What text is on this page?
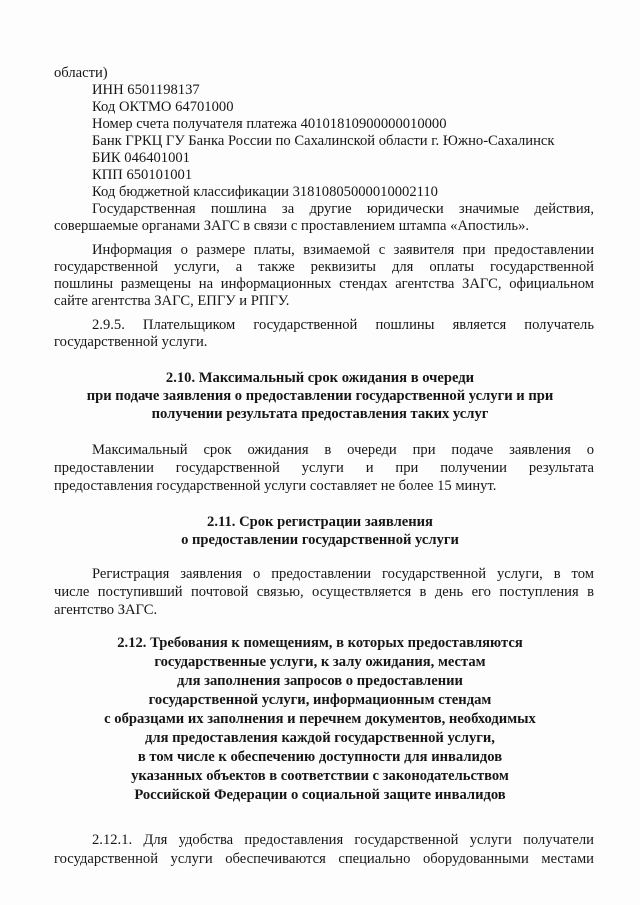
области)
ИНН 6501198137
Код ОКТМО 64701000
Номер счета получателя платежа 40101810900000010000
Банк ГРКЦ ГУ Банка России по Сахалинской области г. Южно-Сахалинск
БИК 046401001
КПП 650101001
Код бюджетной классификации 31810805000010002110
Государственная пошлина за другие юридически значимые действия,
совершаемые органами ЗАГС в связи с проставлением штампа «Апостиль».
Информация о размере платы, взимаемой с заявителя при предоставлении
государственной услуги, а также реквизиты для оплаты государственной
пошлины размещены на информационных стендах агентства ЗАГС, официальном
сайте агентства ЗАГС, ЕПГУ и РПГУ.
2.9.5. Плательщиком государственной пошлины является получатель
государственной услуги.
2.10. Максимальный срок ожидания в очереди
при подаче заявления о предоставлении государственной услуги и при
получении результата предоставления таких услуг
Максимальный срок ожидания в очереди при подаче заявления о
предоставлении государственной услуги и при получении результата
предоставления государственной услуги составляет не более 15 минут.
2.11. Срок регистрации заявления
о предоставлении государственной услуги
Регистрация заявления о предоставлении государственной услуги, в том
числе поступивший почтовой связью, осуществляется в день его поступления в
агентство ЗАГС.
2.12. Требования к помещениям, в которых предоставляются
государственные услуги, к залу ожидания, местам
для заполнения запросов о предоставлении
государственной услуги, информационным стендам
с образцами их заполнения и перечнем документов, необходимых
для предоставления каждой государственной услуги,
в том числе к обеспечению доступности для инвалидов
указанных объектов в соответствии с законодательством
Российской Федерации о социальной защите инвалидов
2.12.1. Для удобства предоставления государственной услуги получатели
государственной услуги обеспечиваются специально оборудованными местами
